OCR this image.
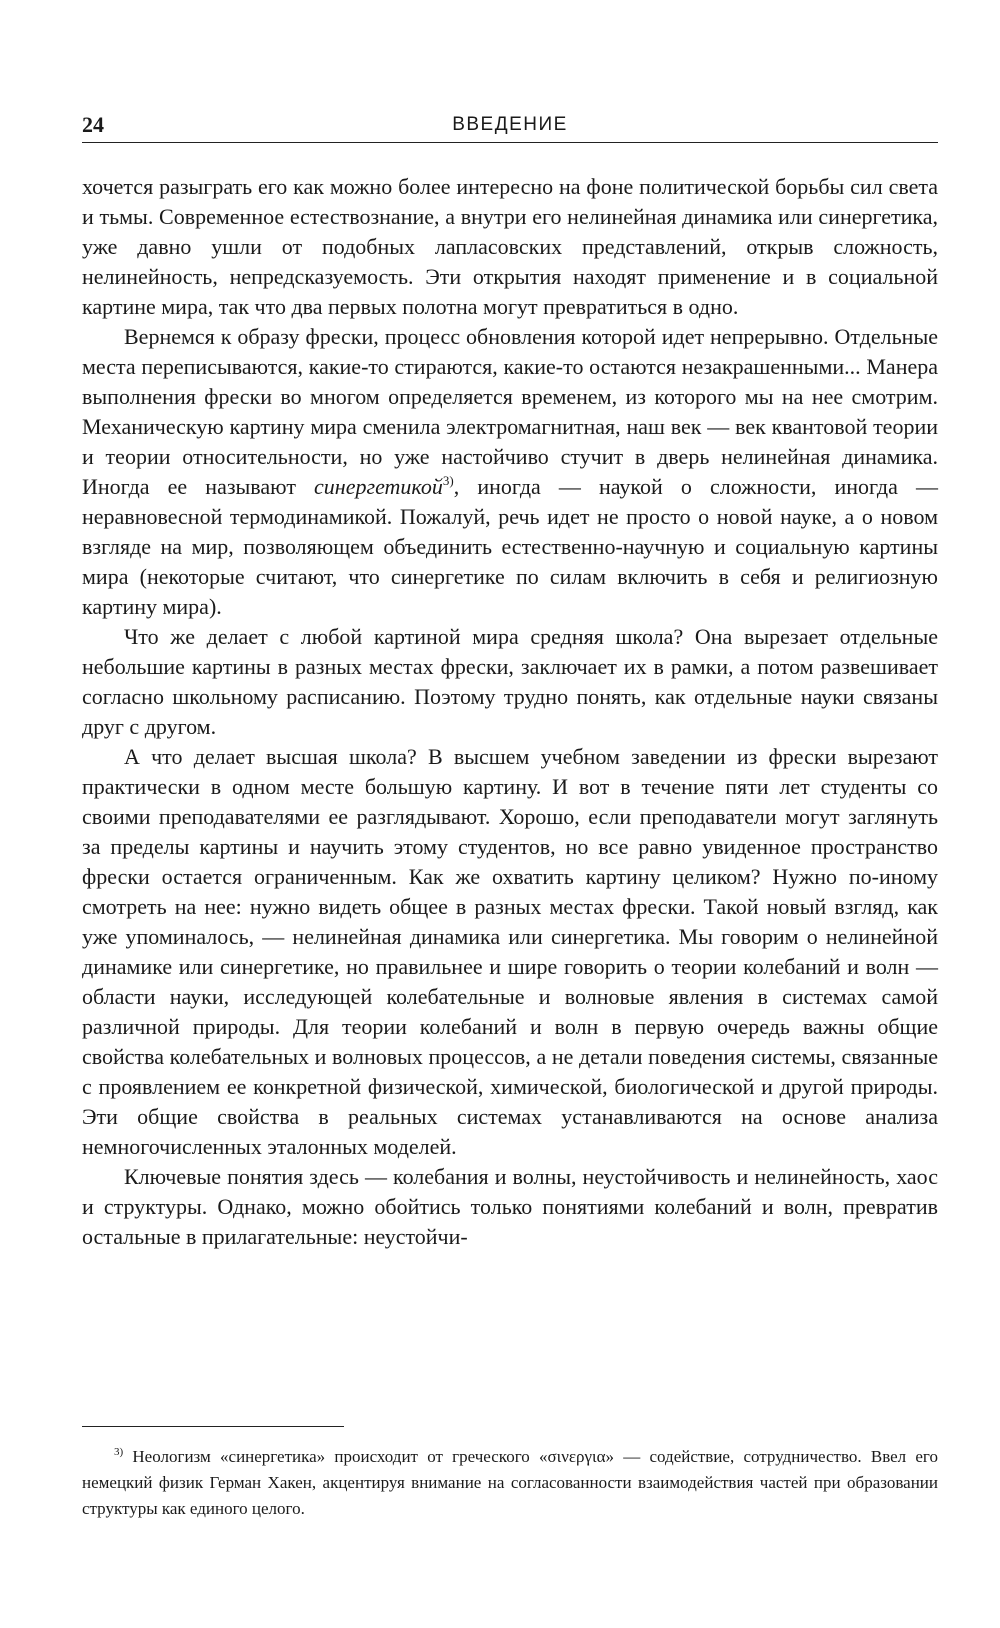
24	ВВЕДЕНИЕ

хочется разыграть его как можно более интересно на фоне политической борьбы сил света и тьмы. Современное естествознание, а внутри его нелинейная динамика или синергетика, уже давно ушли от подобных лапласовских представлений, открыв сложность, нелинейность, непредсказуемость. Эти открытия находят применение и в социальной картине мира, так что два первых полотна могут превратиться в одно.

Вернемся к образу фрески, процесс обновления которой идет непрерывно. Отдельные места переписываются, какие-то стираются, какие-то остаются незакрашенными... Манера выполнения фрески во многом определяется временем, из которого мы на нее смотрим. Механическую картину мира сменила электромагнитная, наш век — век квантовой теории и теории относительности, но уже настойчиво стучит в дверь нелинейная динамика. Иногда ее называют синергетикой$^{3)}$, иногда — наукой о сложности, иногда — неравновесной термодинамикой. Пожалуй, речь идет не просто о новой науке, а о новом взгляде на мир, позволяющем объединить естественно-научную и социальную картины мира (некоторые считают, что синергетике по силам включить в себя и религиозную картину мира).

Что же делает с любой картиной мира средняя школа? Она вырезает отдельные небольшие картины в разных местах фрески, заключает их в рамки, а потом развешивает согласно школьному расписанию. Поэтому трудно понять, как отдельные науки связаны друг с другом.

А что делает высшая школа? В высшем учебном заведении из фрески вырезают практически в одном месте большую картину. И вот в течение пяти лет студенты со своими преподавателями ее разглядывают. Хорошо, если преподаватели могут заглянуть за пределы картины и научить этому студентов, но все равно увиденное пространство фрески остается ограниченным. Как же охватить картину целиком? Нужно по-иному смотреть на нее: нужно видеть общее в разных местах фрески. Такой новый взгляд, как уже упоминалось, — нелинейная динамика или синергетика. Мы говорим о нелинейной динамике или синергетике, но правильнее и шире говорить о теории колебаний и волн — области науки, исследующей колебательные и волновые явления в системах самой различной природы. Для теории колебаний и волн в первую очередь важны общие свойства колебательных и волновых процессов, а не детали поведения системы, связанные с проявлением ее конкретной физической, химической, биологической и другой природы. Эти общие свойства в реальных системах устанавливаются на основе анализа немногочисленных эталонных моделей.

Ключевые понятия здесь — колебания и волны, неустойчивость и нелинейность, хаос и структуры. Однако, можно обойтись только понятиями колебаний и волн, превратив остальные в прилагательные: неустойчи-

$^{3)}$ Неологизм «синергетика» происходит от греческого «σινεργια» — содействие, сотрудничество. Ввел его немецкий физик Герман Хакен, акцентируя внимание на согласованности взаимодействия частей при образовании структуры как единого целого.
